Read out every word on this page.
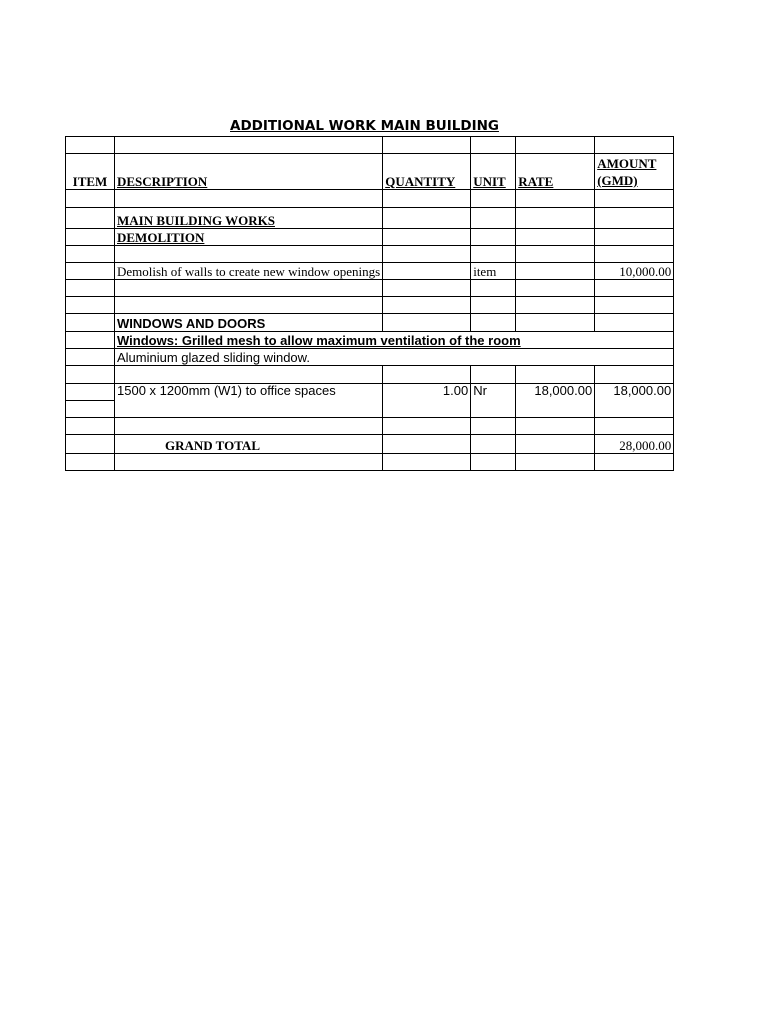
ADDITIONAL WORK MAIN BUILDING

ITEM	DESCRIPTION	QUANTITY	UNIT	RATE	AMOUNT
(GMD)

	MAIN BUILDING WORKS				
	DEMOLITION				

	Demolish of walls to create new window openings		item		10,000.00

	WINDOWS AND DOORS				
	Windows: Grilled mesh to allow maximum ventilation of the room				
	Aluminium glazed sliding window.				

	1500 x 1200mm (W1) to office spaces	1.00	Nr	18,000.00	18,000.00

	GRAND TOTAL				28,000.00
